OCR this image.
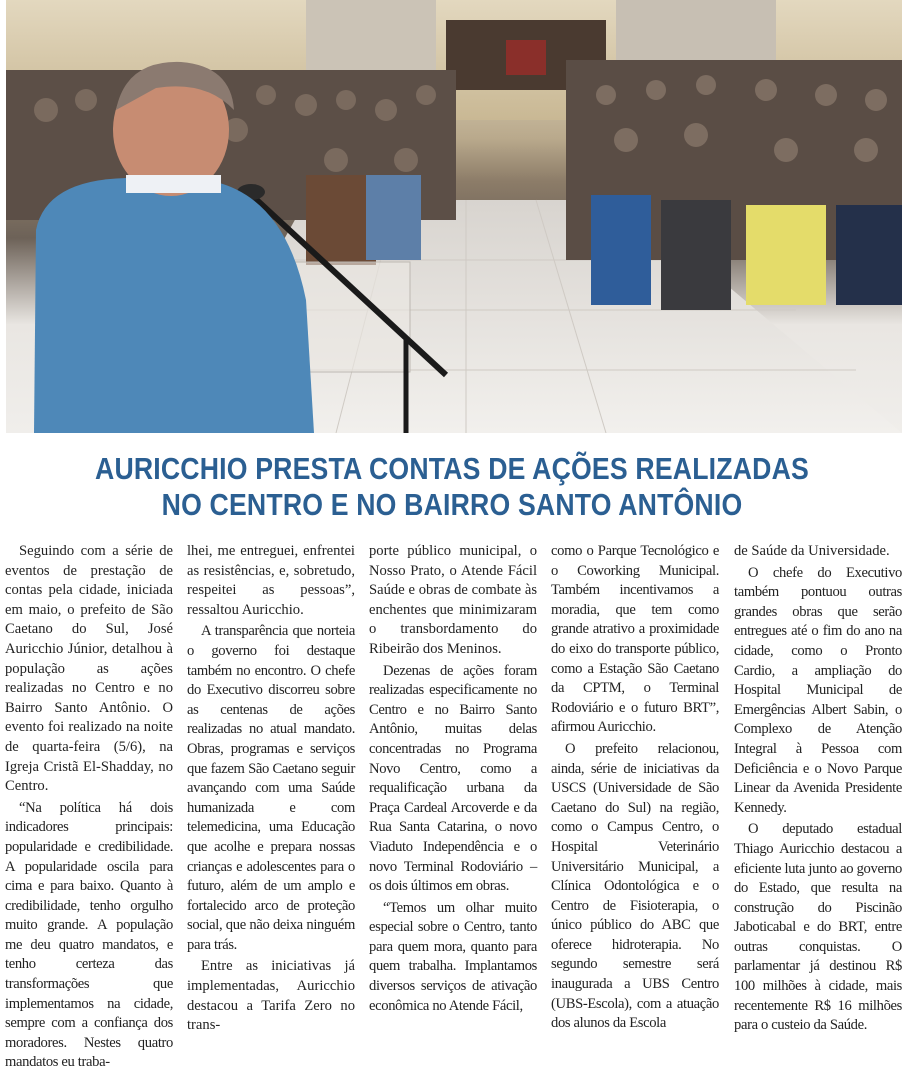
AURICCHIO PRESTA CONTAS DE AÇÕES REALIZADAS
NO CENTRO E NO BAIRRO SANTO ANTÔNIO

Seguindo com a série de eventos de prestação de contas pela cidade, iniciada em maio, o prefeito de São Caetano do Sul, José Auricchio Júnior, detalhou à população as ações realizadas no Centro e no Bairro Santo Antônio. O evento foi realizado na noite de quarta-feira (5/6), na Igreja Cristã El-Shadday, no Centro.

“Na política há dois indicadores principais: popularidade e credibilidade. A popularidade oscila para cima e para baixo. Quanto à credibilidade, tenho orgulho muito grande. A população me deu quatro mandatos, e tenho certeza das transformações que implementamos na cidade, sempre com a confiança dos moradores. Nestes quatro mandatos eu traba-

lhei, me entreguei, enfrentei as resistências, e, sobretudo, respeitei as pessoas”, ressaltou Auricchio.

A transparência que norteia o governo foi destaque também no encontro. O chefe do Executivo discorreu sobre as centenas de ações realizadas no atual mandato. Obras, programas e serviços que fazem São Caetano seguir avançando com uma Saúde humanizada e com telemedicina, uma Educação que acolhe e prepara nossas crianças e adolescentes para o futuro, além de um amplo e fortalecido arco de proteção social, que não deixa ninguém para trás.

Entre as iniciativas já implementadas, Auricchio destacou a Tarifa Zero no trans-

porte público municipal, o Nosso Prato, o Atende Fácil Saúde e obras de combate às enchentes que minimizaram o transbordamento do Ribeirão dos Meninos.

Dezenas de ações foram realizadas especificamente no Centro e no Bairro Santo Antônio, muitas delas concentradas no Programa Novo Centro, como a requalificação urbana da Praça Cardeal Arcoverde e da Rua Santa Catarina, o novo Viaduto Independência e o novo Terminal Rodoviário – os dois últimos em obras.

“Temos um olhar muito especial sobre o Centro, tanto para quem mora, quanto para quem trabalha. Implantamos diversos serviços de ativação econômica no Atende Fácil,

como o Parque Tecnológico e o Coworking Municipal. Também incentivamos a moradia, que tem como grande atrativo a proximidade do eixo do transporte público, como a Estação São Caetano da CPTM, o Terminal Rodoviário e o futuro BRT”, afirmou Auricchio.

O prefeito relacionou, ainda, série de iniciativas da USCS (Universidade de São Caetano do Sul) na região, como o Campus Centro, o Hospital Veterinário Universitário Municipal, a Clínica Odontológica e o Centro de Fisioterapia, o único público do ABC que oferece hidroterapia. No segundo semestre será inaugurada a UBS Centro (UBS-Escola), com a atuação dos alunos da Escola

de Saúde da Universidade.

O chefe do Executivo também pontuou outras grandes obras que serão entregues até o fim do ano na cidade, como o Pronto Cardio, a ampliação do Hospital Municipal de Emergências Albert Sabin, o Complexo de Atenção Integral à Pessoa com Deficiência e o Novo Parque Linear da Avenida Presidente Kennedy.

O deputado estadual Thiago Auricchio destacou a eficiente luta junto ao governo do Estado, que resulta na construção do Piscinão Jaboticabal e do BRT, entre outras conquistas. O parlamentar já destinou R$ 100 milhões à cidade, mais recentemente R$ 16 milhões para o custeio da Saúde.
